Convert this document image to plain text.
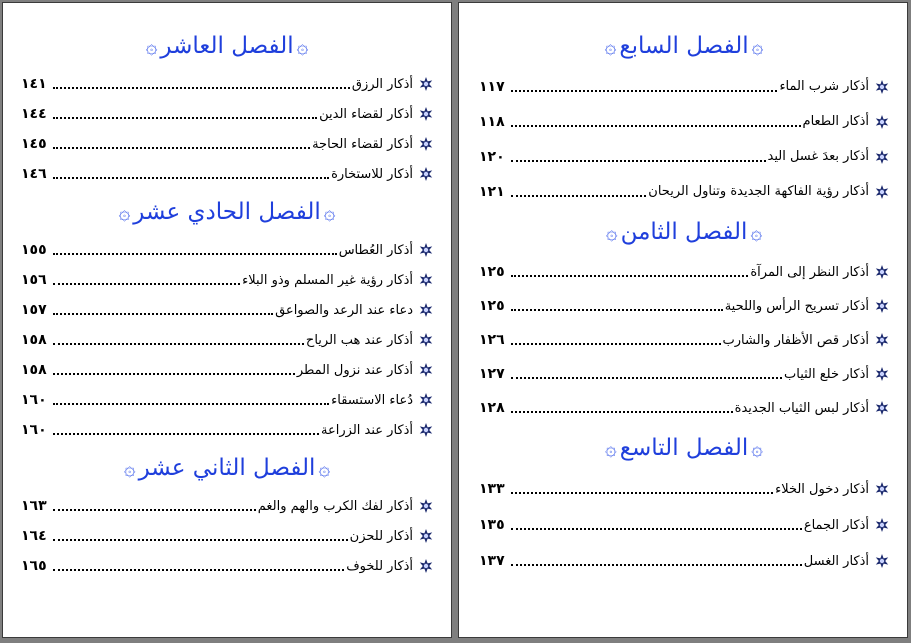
۞
الفصل العاشر
۞
أذكار الرزق
١٤١
أذكار لقضاء الدين
١٤٤
أذكار لقضاء الحاجة
١٤٥
أذكار للاستخارة
١٤٦
۞
الفصل الحادي عشر
۞
أذكار العُطاس
١٥٥
أذكار رؤية غير المسلم وذو البلاء
١٥٦
دعاء عند الرعد والصواعق
١٥٧
أذكار عند هب الرياح
١٥٨
أذكار عند نزول المطر
١٥٨
دُعاء الاستسقاء
١٦٠
أذكار عند الزراعة
١٦٠
۞
الفصل الثاني عشر
۞
أذكار لفك الكرب والهم والغم
١٦٣
أذكار للحزن
١٦٤
أذكار للخوف
١٦٥
۞
الفصل السابع
۞
أذكار شرب الماء
١١٧
أذكار الطعام
١١٨
أذكار بعدَ غسل اليد
١٢٠
أذكار رؤية الفاكهة الجديدة وتناول الريحان
١٢١
۞
الفصل الثامن
۞
أذكار النظر إلى المرآة
١٢٥
أذكار تسريح الرأس واللحية
١٢٥
أذكار قص الأظفار والشارب
١٢٦
أذكار خلع الثياب
١٢٧
أذكار لبس الثياب الجديدة
١٢٨
۞
الفصل التاسع
۞
أذكار دخول الخلاء
١٣٣
أذكار الجماع
١٣٥
أذكار الغسل
١٣٧
